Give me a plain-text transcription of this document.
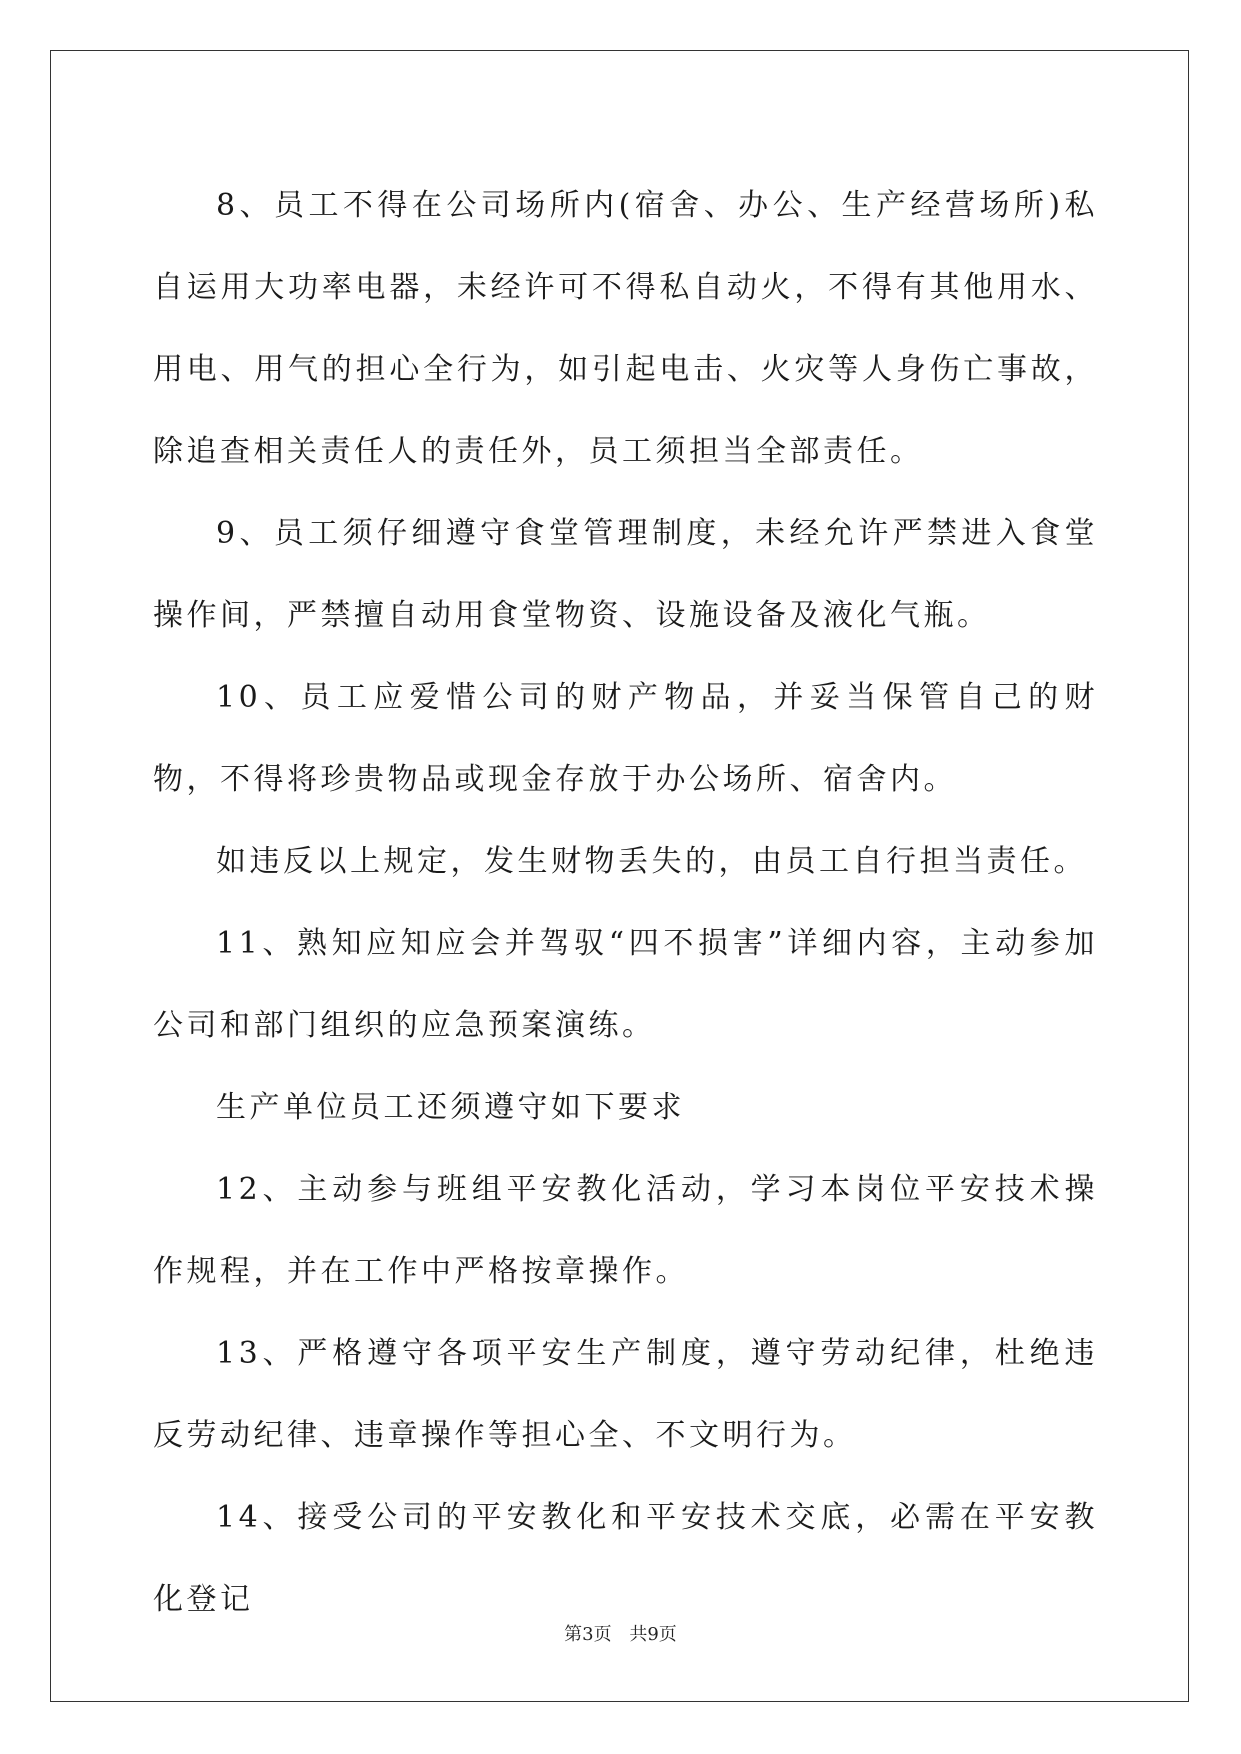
8、员工不得在公司场所内(宿舍、办公、生产经营场所)私自运用大功率电器，未经许可不得私自动火，不得有其他用水、用电、用气的担心全行为，如引起电击、火灾等人身伤亡事故，除追查相关责任人的责任外，员工须担当全部责任。

9、员工须仔细遵守食堂管理制度，未经允许严禁进入食堂操作间，严禁擅自动用食堂物资、设施设备及液化气瓶。

10、员工应爱惜公司的财产物品，并妥当保管自己的财物，不得将珍贵物品或现金存放于办公场所、宿舍内。

如违反以上规定，发生财物丢失的，由员工自行担当责任。

11、熟知应知应会并驾驭“四不损害”详细内容，主动参加公司和部门组织的应急预案演练。

生产单位员工还须遵守如下要求

12、主动参与班组平安教化活动，学习本岗位平安技术操作规程，并在工作中严格按章操作。

13、严格遵守各项平安生产制度，遵守劳动纪律，杜绝违反劳动纪律、违章操作等担心全、不文明行为。

14、接受公司的平安教化和平安技术交底，必需在平安教化登记

第3页 共9页
